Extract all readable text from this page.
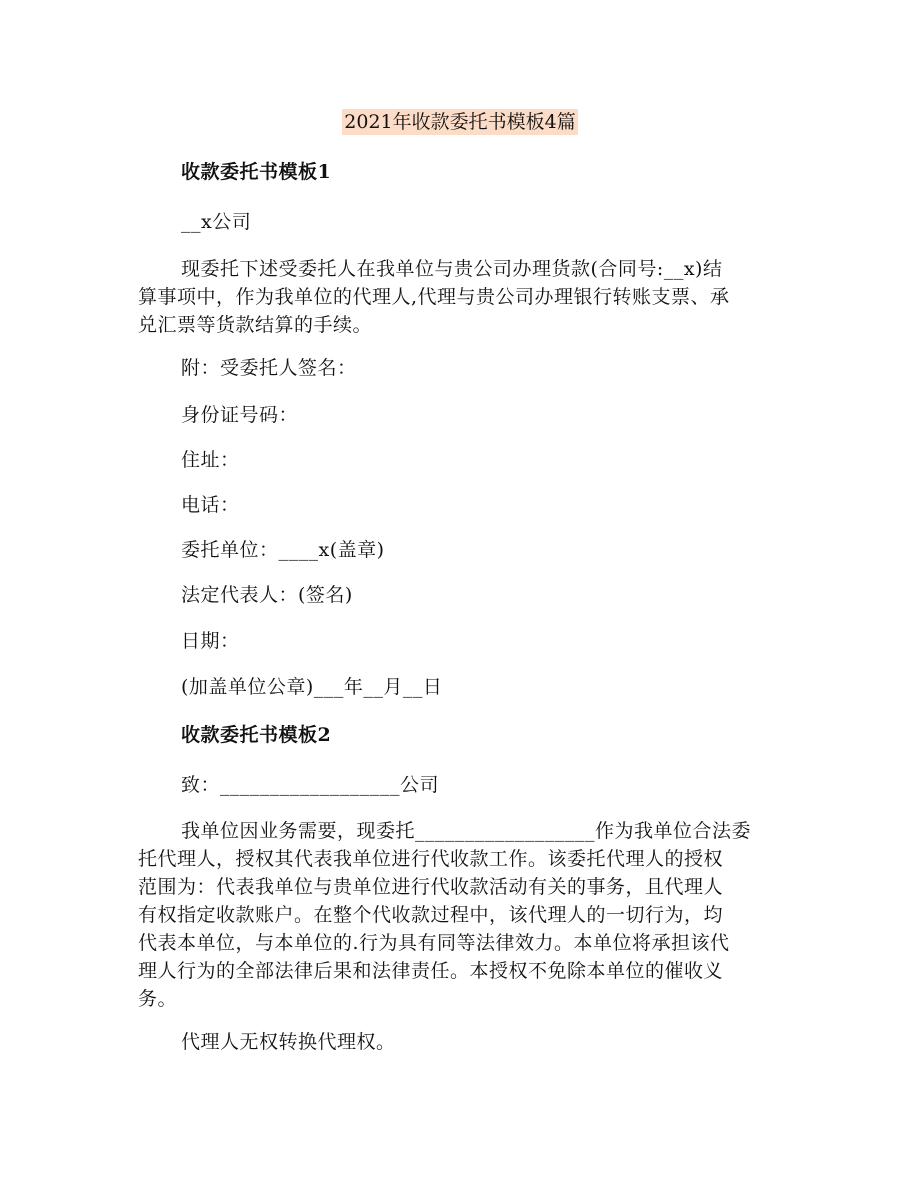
2021年收款委托书模板4篇
收款委托书模板1
__x公司
现委托下述受委托人在我单位与贵公司办理货款(合同号:__x)结
算事项中，作为我单位的代理人,代理与贵公司办理银行转账支票、承
兑汇票等货款结算的手续。
附：受委托人签名：
身份证号码：
住址：
电话：
委托单位：____x(盖章)
法定代表人：(签名)
日期：
(加盖单位公章)___年__月__日
收款委托书模板2
致：__________________公司
我单位因业务需要，现委托__________________作为我单位合法委
托代理人，授权其代表我单位进行代收款工作。该委托代理人的授权
范围为：代表我单位与贵单位进行代收款活动有关的事务，且代理人
有权指定收款账户。在整个代收款过程中，该代理人的一切行为，均
代表本单位，与本单位的.行为具有同等法律效力。本单位将承担该代
理人行为的全部法律后果和法律责任。本授权不免除本单位的催收义
务。
代理人无权转换代理权。
